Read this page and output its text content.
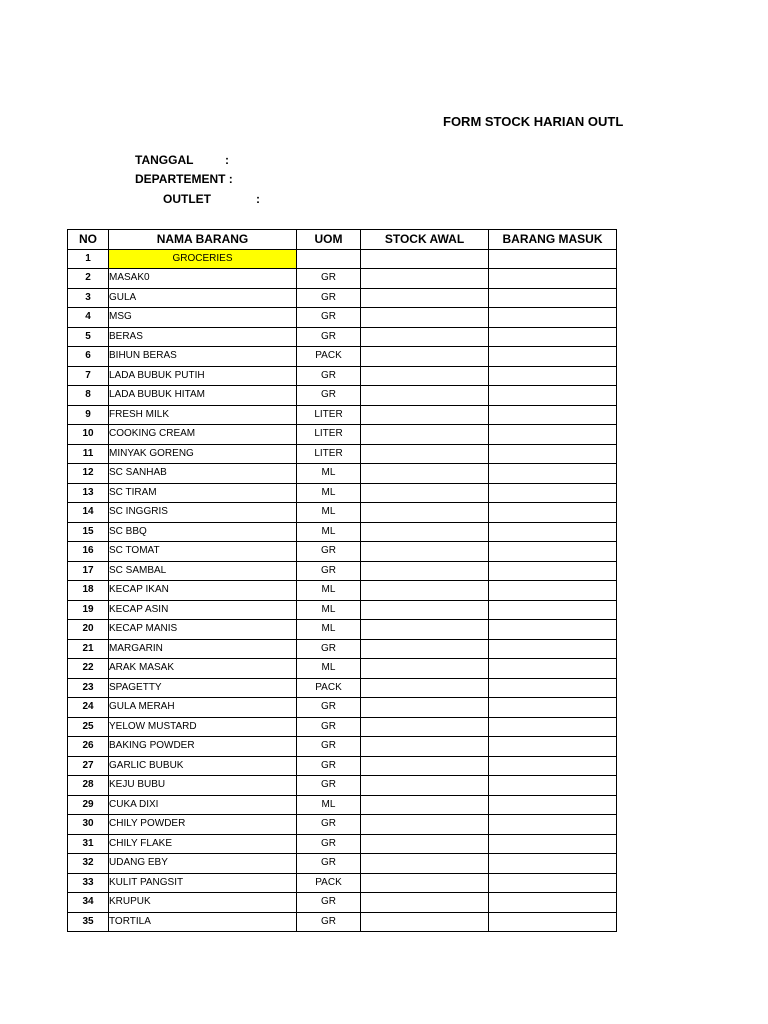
FORM STOCK HARIAN OUTL
TANGGAL	:
DEPARTEMENT :
OUTLET	:
NO	NAMA BARANG	UOM	STOCK AWAL	BARANG MASUK
1	GROCERIES			
2	MASAK0	GR		
3	GULA	GR		
4	MSG	GR		
5	BERAS	GR		
6	BIHUN BERAS	PACK		
7	LADA BUBUK PUTIH	GR		
8	LADA BUBUK HITAM	GR		
9	FRESH MILK	LITER		
10	COOKING CREAM	LITER		
11	MINYAK GORENG	LITER		
12	SC SANHAB	ML		
13	SC TIRAM	ML		
14	SC INGGRIS	ML		
15	SC BBQ	ML		
16	SC TOMAT	GR		
17	SC SAMBAL	GR		
18	KECAP IKAN	ML		
19	KECAP ASIN	ML		
20	KECAP MANIS	ML		
21	MARGARIN	GR		
22	ARAK MASAK	ML		
23	SPAGETTY	PACK		
24	GULA MERAH	GR		
25	YELOW MUSTARD	GR		
26	BAKING POWDER	GR		
27	GARLIC BUBUK	GR		
28	KEJU BUBU	GR		
29	CUKA DIXI	ML		
30	CHILY POWDER	GR		
31	CHILY FLAKE	GR		
32	UDANG EBY	GR		
33	KULIT PANGSIT	PACK		
34	KRUPUK	GR		
35	TORTILA	GR		
